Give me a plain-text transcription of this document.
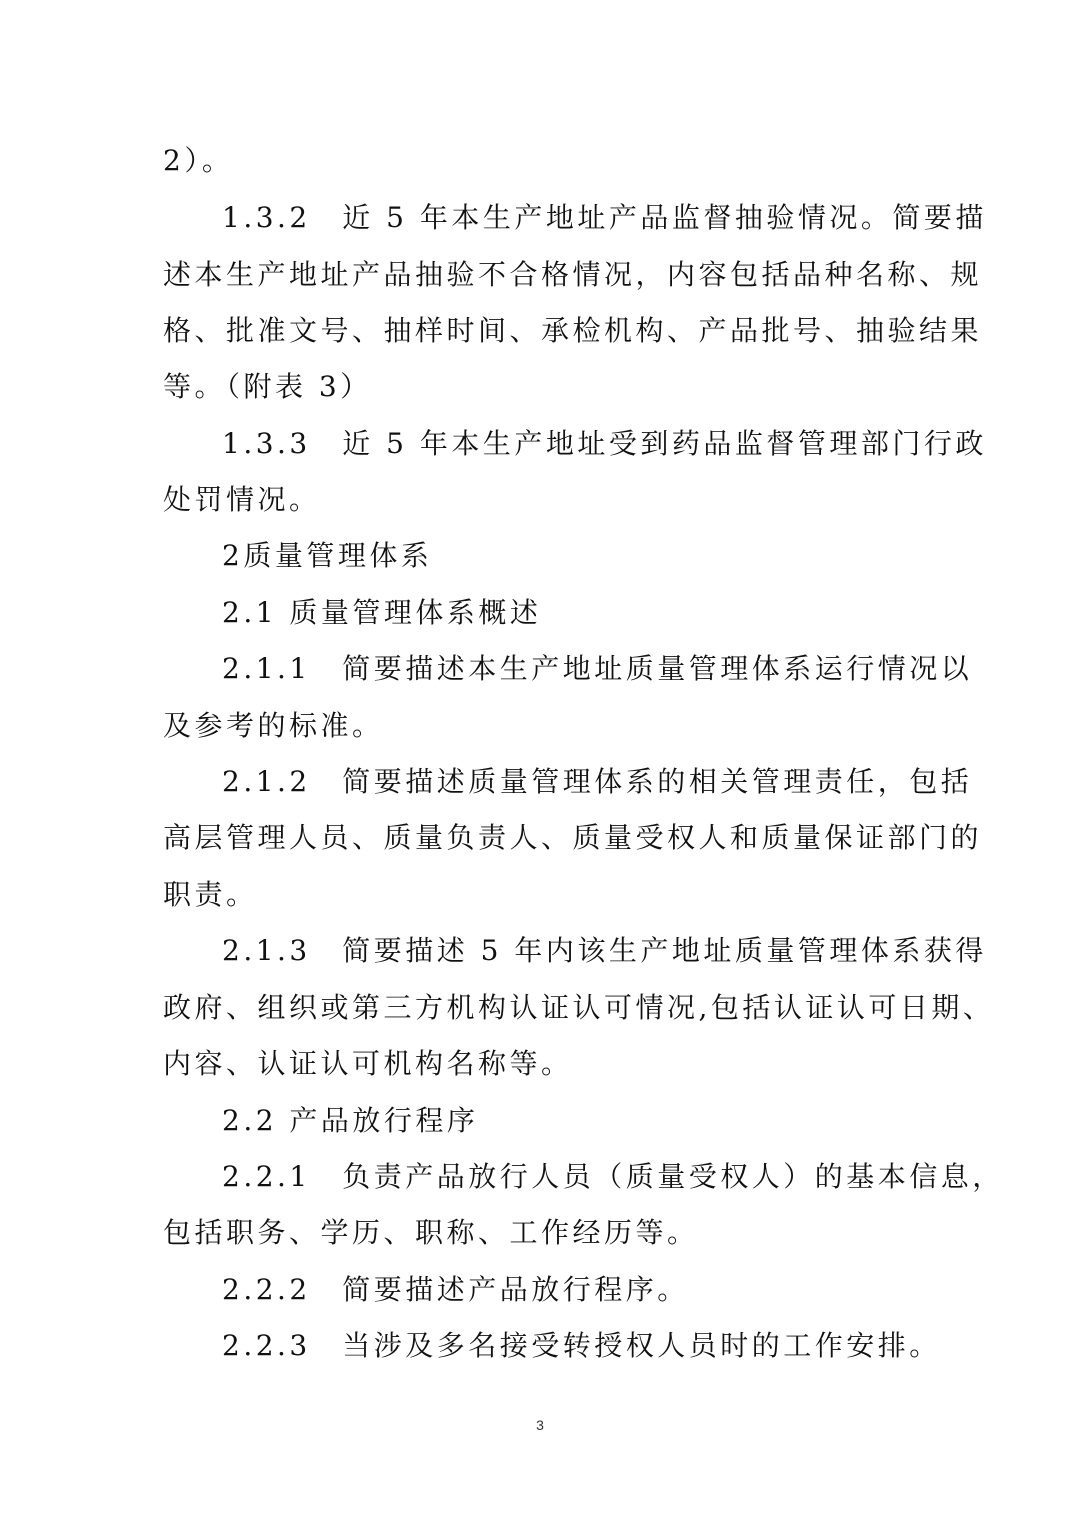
2）。
1.3.2　近 5 年本生产地址产品监督抽验情况。简要描
述本生产地址产品抽验不合格情况，内容包括品种名称、规
格、批准文号、抽样时间、承检机构、产品批号、抽验结果
等。（附表 3）
1.3.3　近 5 年本生产地址受到药品监督管理部门行政
处罚情况。
2质量管理体系
2.1 质量管理体系概述
2.1.1　简要描述本生产地址质量管理体系运行情况以
及参考的标准。
2.1.2　简要描述质量管理体系的相关管理责任，包括
高层管理人员、质量负责人、质量受权人和质量保证部门的
职责。
2.1.3　简要描述 5 年内该生产地址质量管理体系获得
政府、组织或第三方机构认证认可情况,包括认证认可日期、
内容、认证认可机构名称等。
2.2 产品放行程序
2.2.1　负责产品放行人员（质量受权人）的基本信息，
包括职务、学历、职称、工作经历等。
2.2.2　简要描述产品放行程序。
2.2.3　当涉及多名接受转授权人员时的工作安排。
3
